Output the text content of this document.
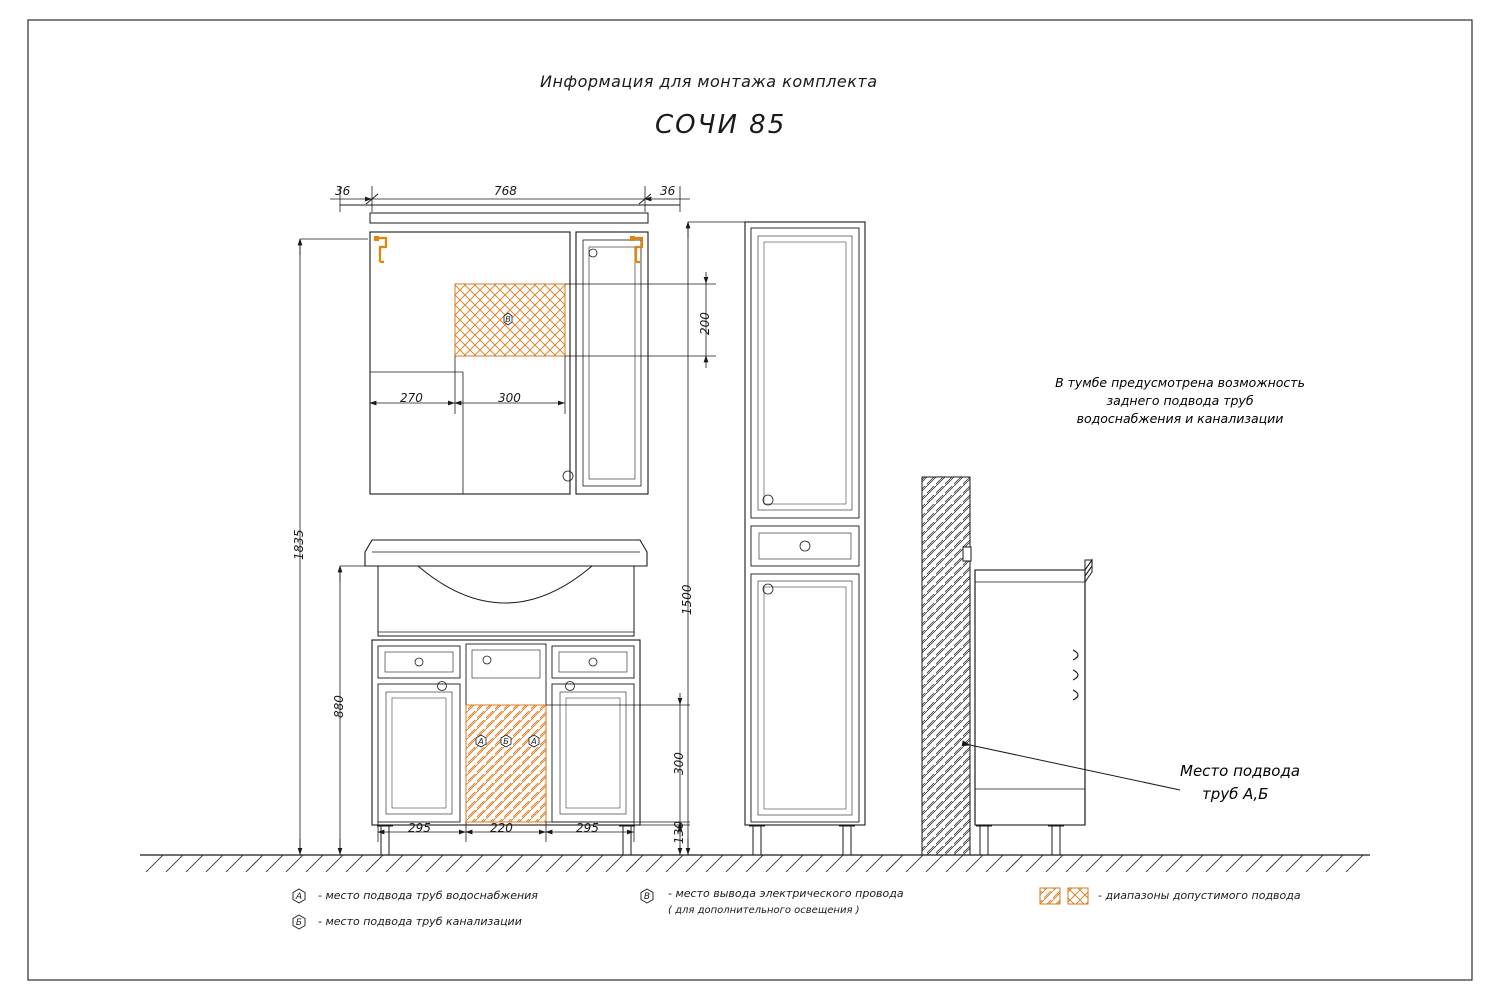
В
А Б	А
А
Б
В
Информация для монтажа комплекта
СОЧИ 85
36	768	36
200
270	300
1835
880
1500
300
130
295	220	295
В тумбе предусмотрена возможность
заднего подвода труб
водоснабжения и канализации
Место подвода
труб А,Б
- место подвода труб водоснабжения
- место подвода труб канализации
- место вывода электрического провода
( для дополнительного освещения )
- диапазоны допустимого подвода
